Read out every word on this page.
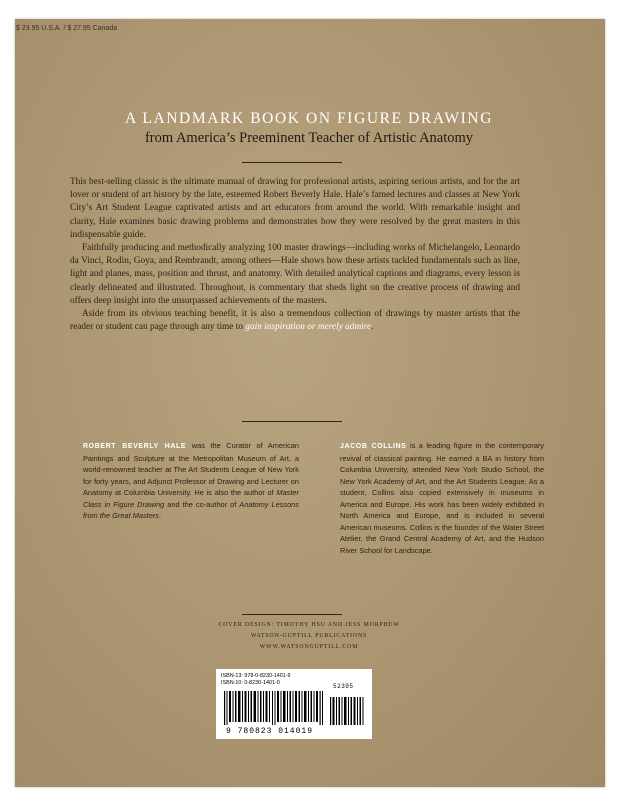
$ 23.95 U.S.A. / $ 27.95 Canada
A LANDMARK BOOK ON FIGURE DRAWING
from America’s Preeminent Teacher of Artistic Anatomy

This best-selling classic is the ultimate manual of drawing for professional artists, aspiring serious artists, and for the art lover or student of art history by the late, esteemed Robert Beverly Hale. Hale’s famed lectures and classes at New York City’s Art Student League captivated artists and art educators from around the world. With remarkable insight and clarity, Hale examines basic drawing problems and demonstrates how they were resolved by the great masters in this indispensable guide.

Faithfully producing and methodically analyzing 100 master drawings—including works of Michelangelo, Leonardo da Vinci, Rodin, Goya, and Rembrandt, among others—Hale shows how these artists tackled fundamentals such as line, light and planes, mass, position and thrust, and anatomy. With detailed analytical captions and diagrams, every lesson is clearly delineated and illustrated. Throughout, is commentary that sheds light on the creative process of drawing and offers deep insight into the unsurpassed achievements of the masters.

Aside from its obvious teaching benefit, it is also a tremendous collection of drawings by master artists that the reader or student can page through any time to gain inspiration or merely admire.

ROBERT BEVERLY HALE was the Curator of American Paintings and Sculpture at the Metropolitan Museum of Art, a world-renowned teacher at The Art Students League of New York for forty years, and Adjunct Professor of Drawing and Lecturer on Anatomy at Columbia University. He is also the author of Master Class in Figure Drawing and the co-author of Anatomy Lessons from the Great Masters.
JACOB COLLINS is a leading figure in the contemporary revival of classical painting. He earned a BA in history from Columbia University, attended New York Studio School, the New York Academy of Art, and the Art Students League. As a student, Collins also copied extensively in museums in America and Europe. His work has been widely exhibited in North America and Europe, and is included in several American museums. Collins is the founder of the Water Street Atelier, the Grand Central Academy of Art, and the Hudson River School for Landscape.
COVER DESIGN: TIMOTHY HSU AND JESS MORPHEW
WATSON-GUPTILL PUBLICATIONS
WWW.WATSONGUPTILL.COM
ISBN-13: 978-0-8230-1401-9
ISBN-10: 0-8230-1401-0	52395
9 780823 014019
